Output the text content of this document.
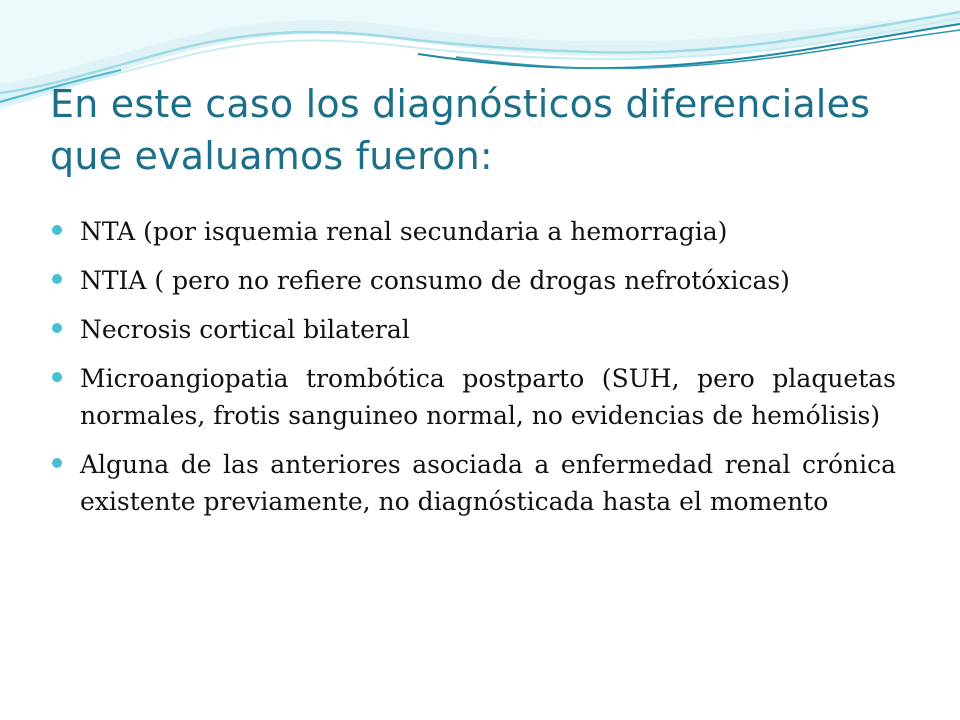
En este caso los diagnósticos diferenciales que evaluamos fueron:
NTA (por isquemia renal secundaria a hemorragia)
NTIA ( pero no refiere consumo de drogas nefrotóxicas)
Necrosis cortical bilateral
Microangiopatia trombótica postparto (SUH, pero plaquetas normales, frotis sanguineo normal, no evidencias de hemólisis)
Alguna de las anteriores asociada a enfermedad renal crónica existente previamente, no diagnósticada hasta el momento
